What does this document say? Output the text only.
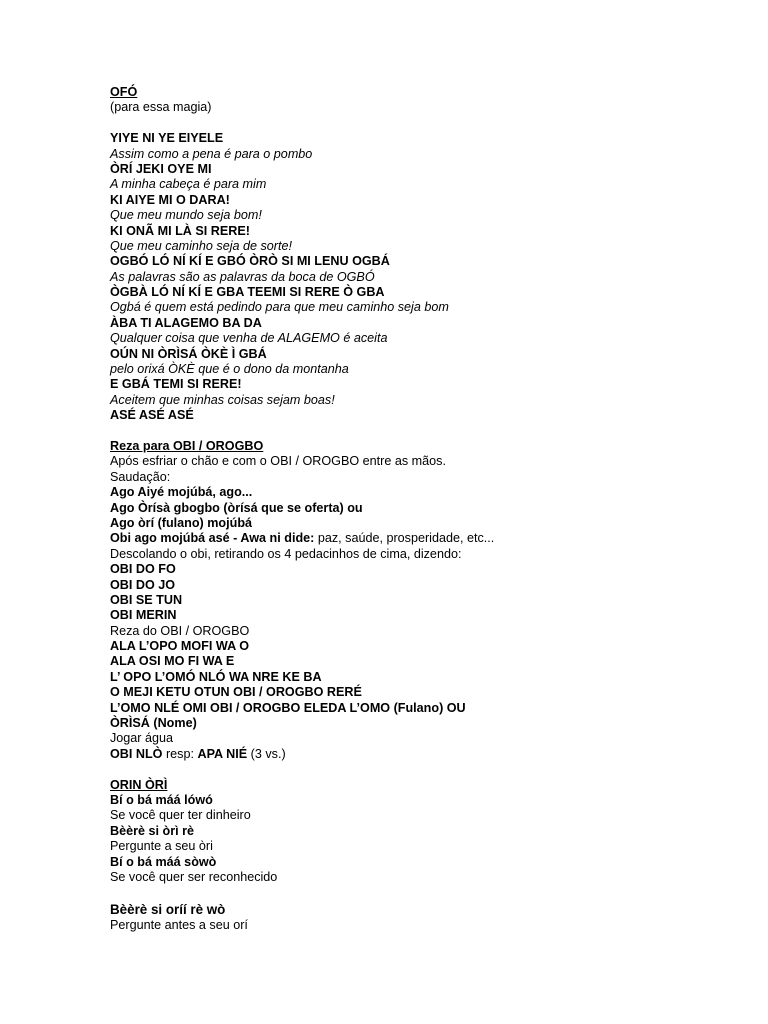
OFÓ
(para essa magia)
YIYE NI YE EIYELE
Assim como a pena é para o pombo
ÒRÍ JEKI OYE MI
A minha cabeça é para mim
KI AIYE MI O DARA!
Que meu mundo seja bom!
KI ONÃ MI LÀ SI RERE!
Que meu caminho seja de sorte!
OGBÓ LÓ NÍ KÍ E GBÓ ÒRÒ SI MI LENU OGBÁ
As palavras são as palavras da boca de OGBÓ
ÒGBÀ LÓ NÍ KÍ E GBA TEEMI SI RERE Ò GBA
Ogbá é quem está pedindo para que meu caminho seja bom
ÀBA TI ALAGEMO BA DA
Qualquer coisa que venha de ALAGEMO é aceita
OÚN NI ÒRÌSÁ ÒKÈ Ì GBÁ
pelo orixá ÒKÈ que é o dono da montanha
E GBÁ TEMI SI RERE!
Aceitem que minhas coisas sejam boas!
ASÉ ASÉ ASÉ
Reza para OBI / OROGBO
Após esfriar o chão e com o OBI / OROGBO entre as mãos.
Saudação:
Ago Aiyé mojúbá, ago...
Ago Òrísà gbogbo (òrísá que se oferta) ou
Ago òrí (fulano) mojúbá
Obi ago mojúbá asé - Awa ni dide: paz, saúde, prosperidade, etc...
Descolando o obi, retirando os 4 pedacinhos de cima, dizendo:
OBI DO FO
OBI DO JO
OBI SE TUN
OBI MERIN
Reza do OBI / OROGBO
ALA L’OPO MOFI WA O
ALA OSI MO FI WA E
L’ OPO L’OMÓ NLÓ WA NRE KE BA
O MEJI KETU OTUN OBI / OROGBO RERÉ
L’OMO NLÉ OMI OBI / OROGBO ELEDA L’OMO (Fulano) OU
ÒRÌSÁ (Nome)
Jogar água
OBI NLÒ resp: APA NIÉ (3 vs.)
ORIN ÒRÌ
Bí o bá máá lówó
Se você quer ter dinheiro
Bèèrè si òrì rè
Pergunte a seu òri
Bí o bá máá sòwò
Se você quer ser reconhecido
Bèèrè si oríí rè wò
Pergunte antes a seu orí
